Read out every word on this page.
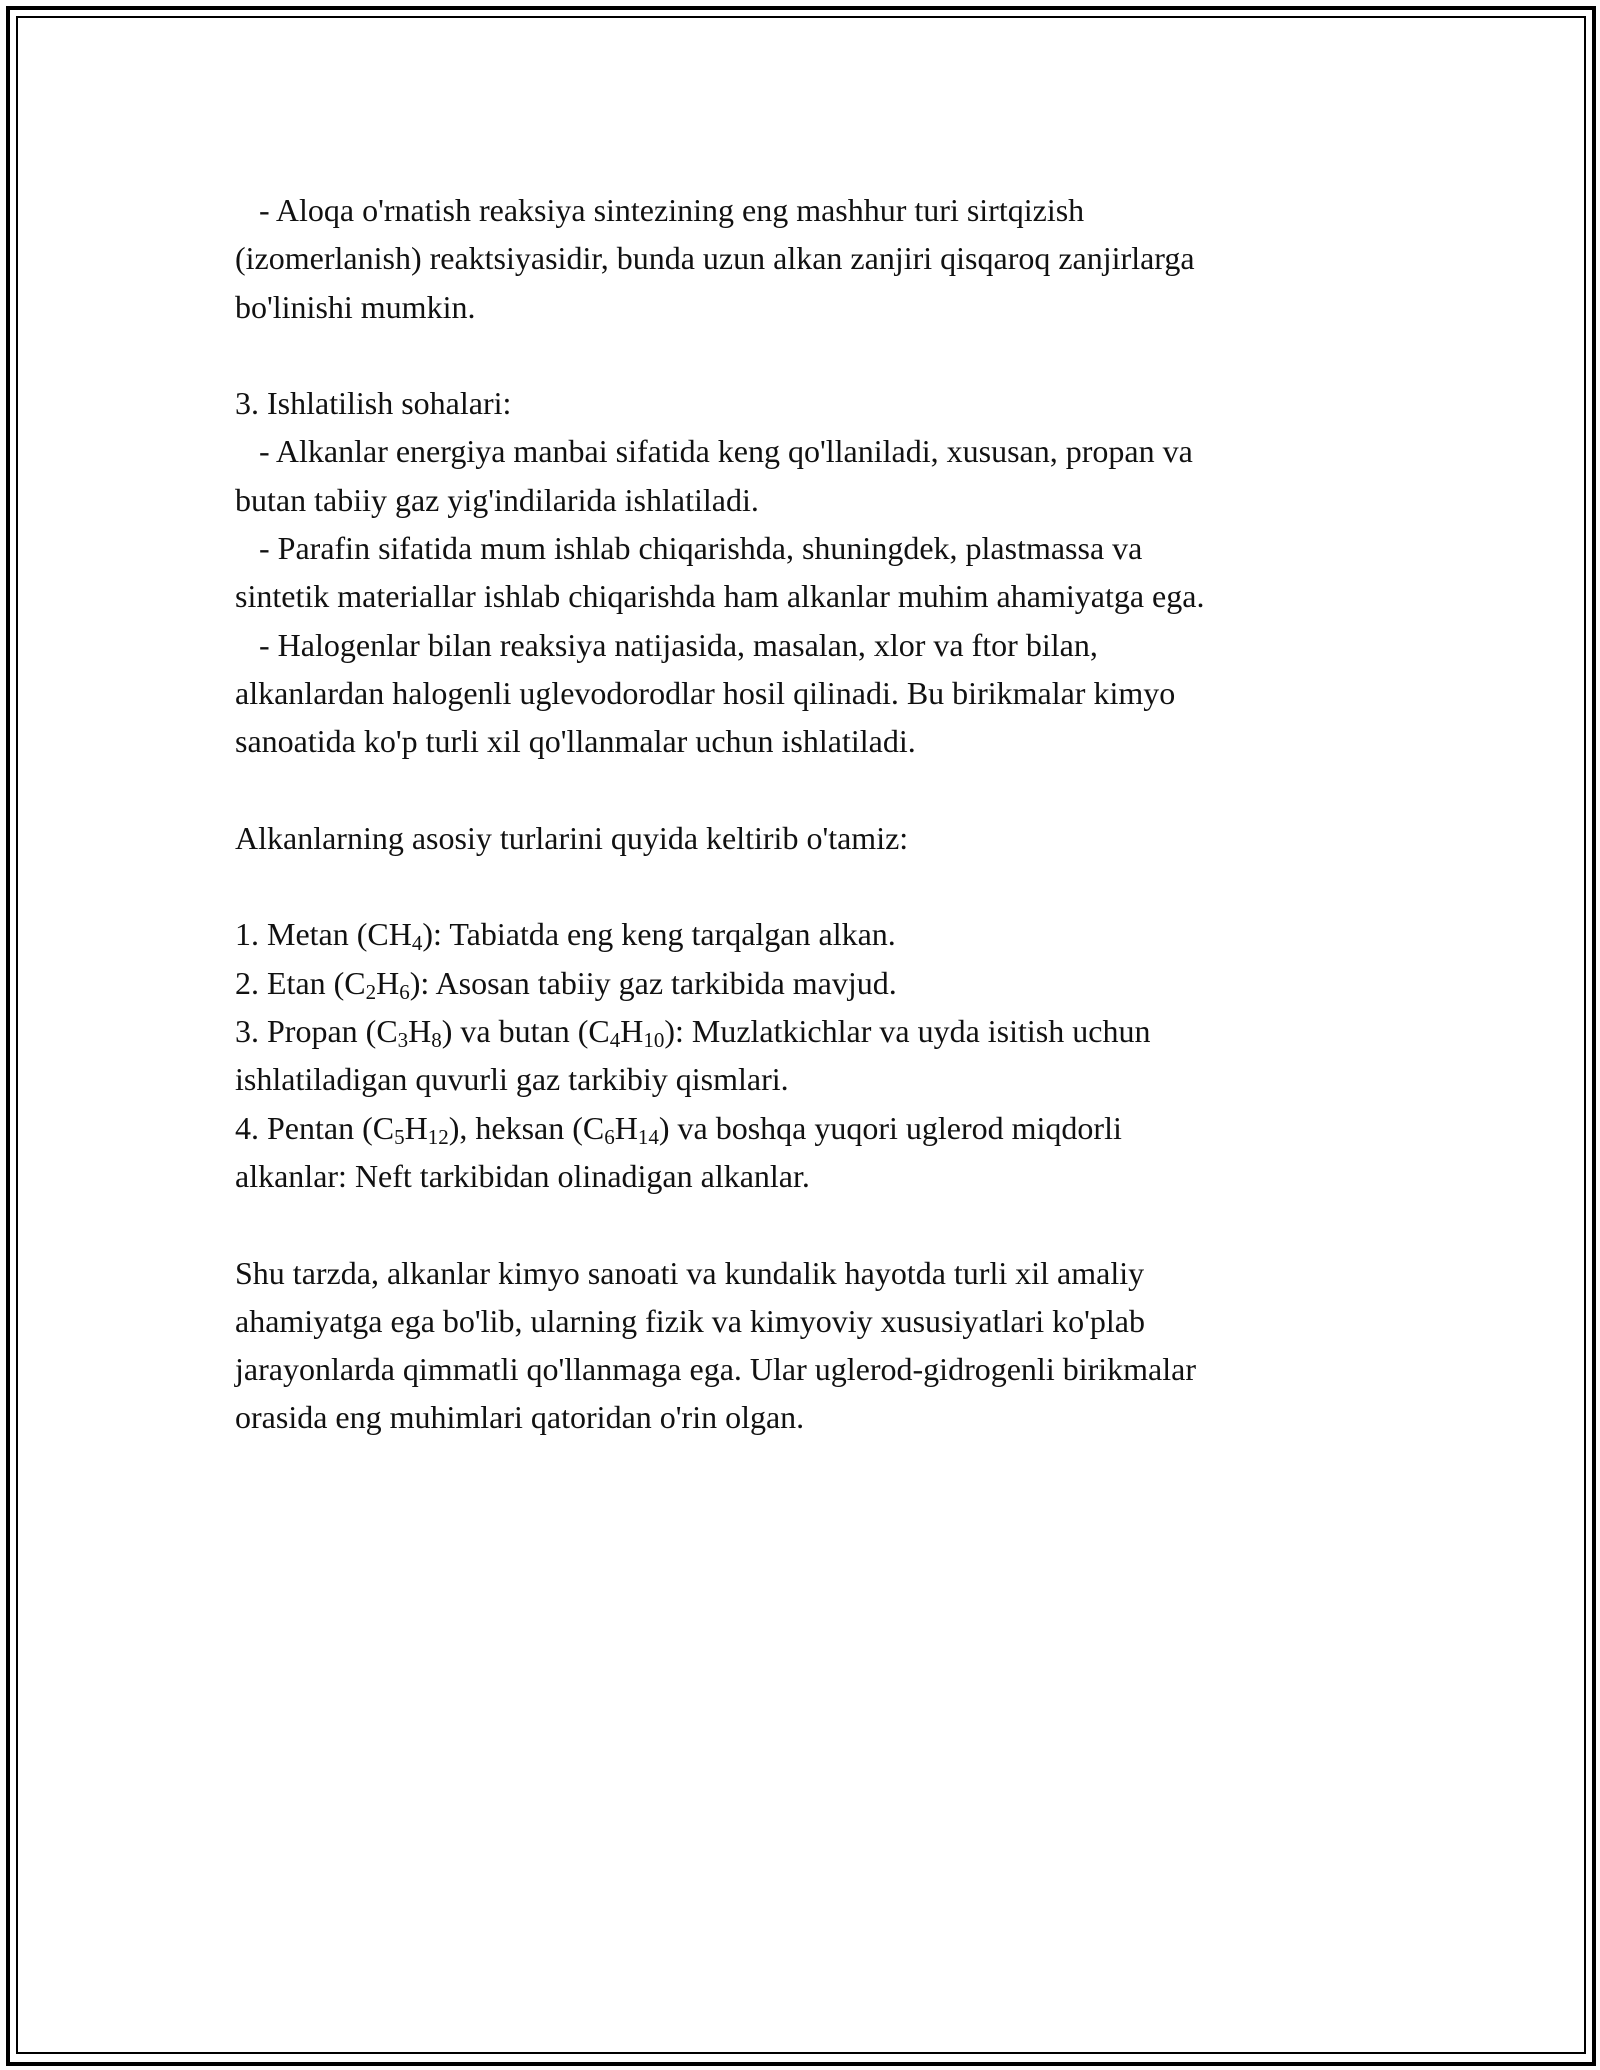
- Aloqa o'rnatish reaksiya sintezining eng mashhur turi sirtqizish
(izomerlanish) reaktsiyasidir, bunda uzun alkan zanjiri qisqaroq zanjirlarga
bo'linishi mumkin.
3. Ishlatilish sohalari:
- Alkanlar energiya manbai sifatida keng qo'llaniladi, xususan, propan va
butan tabiiy gaz yig'indilarida ishlatiladi.
- Parafin sifatida mum ishlab chiqarishda, shuningdek, plastmassa va
sintetik materiallar ishlab chiqarishda ham alkanlar muhim ahamiyatga ega.
- Halogenlar bilan reaksiya natijasida, masalan, xlor va ftor bilan,
alkanlardan halogenli uglevodorodlar hosil qilinadi. Bu birikmalar kimyo
sanoatida ko'p turli xil qo'llanmalar uchun ishlatiladi.
Alkanlarning asosiy turlarini quyida keltirib o'tamiz:
1. Metan $(CH_4)$: Tabiatda eng keng tarqalgan alkan.
2. Etan $(C_2H_6)$: Asosan tabiiy gaz tarkibida mavjud.
3. Propan $(C_3H_8)$ va butan $(C_4H_{10})$: Muzlatkichlar va uyda isitish uchun
ishlatiladigan quvurli gaz tarkibiy qismlari.
4. Pentan $(C_5H_{12})$, heksan $(C_6H_{14})$ va boshqa yuqori uglerod miqdorli
alkanlar: Neft tarkibidan olinadigan alkanlar.
Shu tarzda, alkanlar kimyo sanoati va kundalik hayotda turli xil amaliy
ahamiyatga ega bo'lib, ularning fizik va kimyoviy xususiyatlari ko'plab
jarayonlarda qimmatli qo'llanmaga ega. Ular uglerod-gidrogenli birikmalar
orasida eng muhimlari qatoridan o'rin olgan.
